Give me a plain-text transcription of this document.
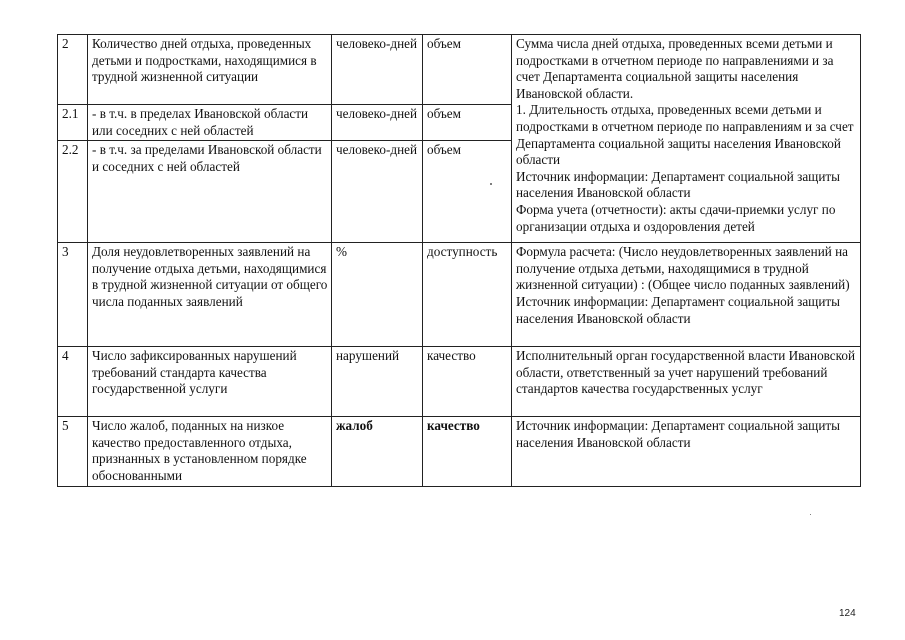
2	Количество дней отдыха, проведенных детьми и подростками, находящимися в трудной жизненной ситуации	человеко-дней	объем	Сумма числа дней отдыха, проведенных всеми детьми и подростками в отчетном периоде по направлениями и за счет Департамента социальной защиты населения Ивановской области.
1. Длительность отдыха, проведенных всеми детьми и подростками в отчетном периоде по направлениям и за счет Департамента социальной защиты населения Ивановской области
Источник информации: Департамент социальной защиты населения Ивановской области
Форма учета (отчетности): акты сдачи-приемки услуг по организации отдыха и оздоровления детей

2.1	- в т.ч. в пределах Ивановской области или соседних с ней областей	человеко-дней	объем	
2.2	- в т.ч. за пределами Ивановской области и соседних с ней областей	человеко-дней	объем	
3	Доля неудовлетворенных заявлений на получение отдыха детьми, находящимися в трудной жизненной ситуации от общего числа поданных заявлений	%	доступность	Формула расчета: (Число неудовлетворенных заявлений на получение отдыха детьми, находящимися в трудной жизненной ситуации) : (Общее число поданных заявлений)
Источник информации: Департамент социальной защиты населения Ивановской области

4	Число зафиксированных нарушений требований стандарта качества государственной услуги	нарушений	качество	Исполнительный орган государственной власти Ивановской области, ответственный за учет нарушений требований стандартов качества государственных услуг

5	Число жалоб, поданных на низкое качество предоставленного отдыха, признанных в установленном порядке обоснованными	жалоб	качество	Источник информации: Департамент социальной защиты населения Ивановской области
124
